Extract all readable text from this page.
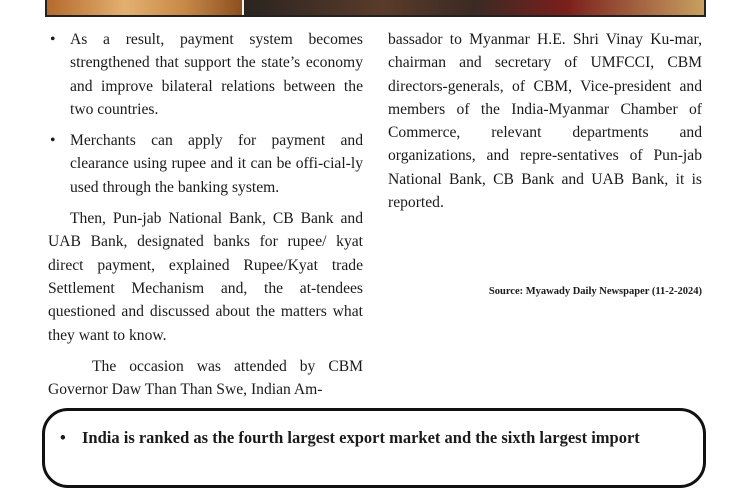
• As a result, payment system becomes strengthened that support the state’s economy and improve bilateral relations between the two countries.

• Merchants can apply for payment and clearance using rupee and it can be offi-cial-ly used through the banking system.

Then, Pun-jab National Bank, CB Bank and UAB Bank, designated banks for rupee/ kyat direct payment, explained Rupee/Kyat trade Settlement Mechanism and, the at-tendees questioned and discussed about the matters what they want to know.

The occasion was attended by CBM Governor Daw Than Than Swe, Indian Am-

bassador to Myanmar H.E. Shri Vinay Ku-mar, chairman and secretary of UMFCCI, CBM directors-generals, of CBM, Vice-president and members of the India-Myanmar Chamber of Commerce, relevant departments and organizations, and repre-sentatives of Pun-jab National Bank, CB Bank and UAB Bank, it is reported.

Source: Myawady Daily Newspaper (11-2-2024)
• India is ranked as the fourth largest export market and the sixth largest import
